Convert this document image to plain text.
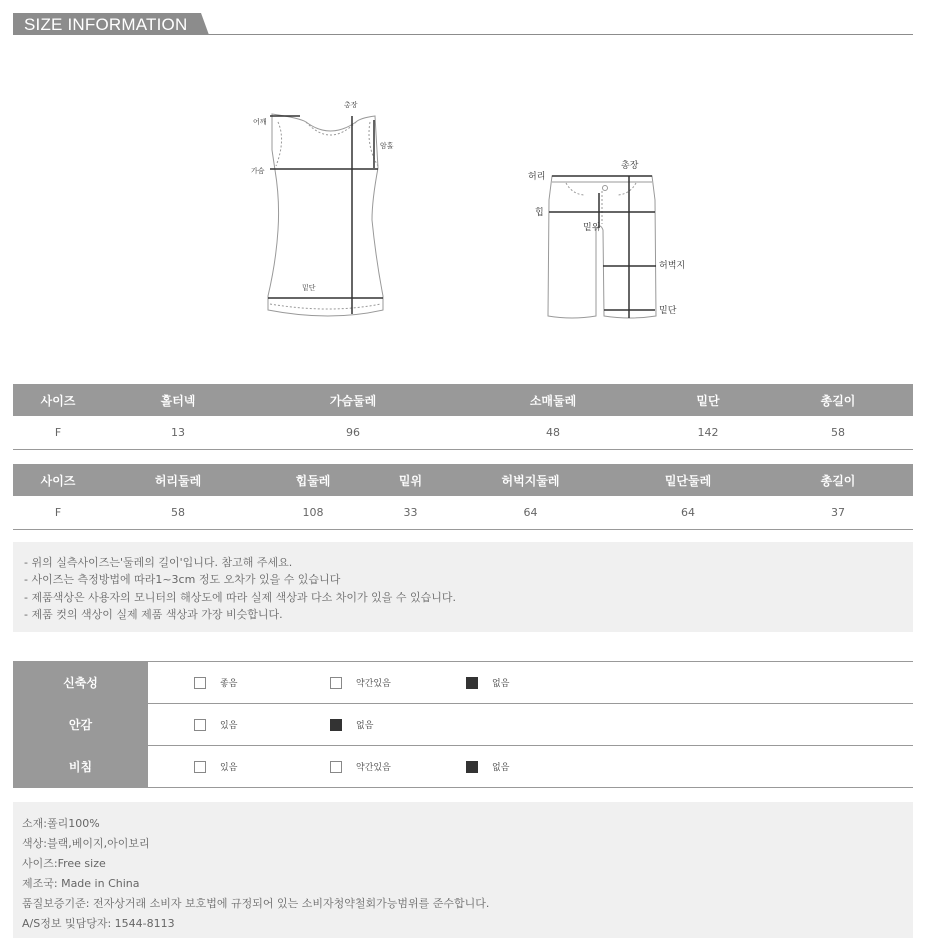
SIZE INFORMATION
어깨
총장
암홀
가슴
밑단
허리
총장
힙
밑위
허벅지
밑단
사이즈	홀터넥	가슴둘레	소매둘레	밑단	총길이
F	13	96	48	142	58
사이즈	허리둘레	힙둘레	밑위	허벅지둘레	밑단둘레	총길이
F	58	108	33	64	64	37
- 위의 실측사이즈는'둘레의 길이'입니다. 참고해 주세요.
- 사이즈는 측정방법에 따라1~3cm 정도 오차가 있을 수 있습니다
- 제품색상은 사용자의 모니터의 해상도에 따라 실제 색상과 다소 차이가 있을 수 있습니다.
- 제품 컷의 색상이 실제 제품 색상과 가장 비슷합니다.
신축성	좋음	약간있음	없음
안감	있음	없음
비침	있음	약간있음	없음
소재:폴리100%
색상:블랙,베이지,아이보리
사이즈:Free size
제조국: Made in China
품질보증기준: 전자상거래 소비자 보호법에 규정되어 있는 소비자청약철회가능범위를 준수합니다.
A/S정보 및담당자: 1544-8113
